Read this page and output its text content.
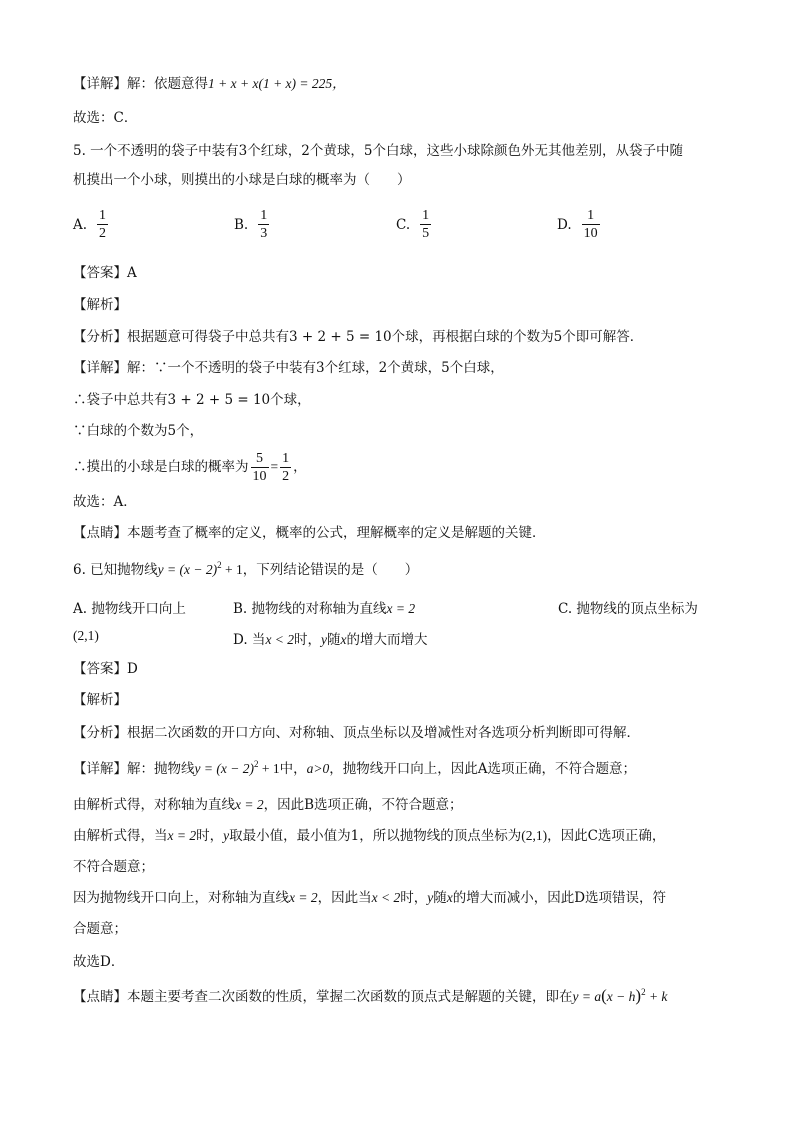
【详解】解：依题意得1 + x + x(1 + x) = 225，
故选：C．
5. 一个不透明的袋子中装有3个红球，2个黄球，5个白球，这些小球除颜色外无其他差别，从袋子中随
机摸出一个小球，则摸出的小球是白球的概率为（　　）
A. $\frac{1}{2}$	B. $\frac{1}{3}$	C. $\frac{1}{5}$	D. $\frac{1}{10}$
【答案】A
【解析】
【分析】根据题意可得袋子中总共有3 + 2 + 5 = 10个球，再根据白球的个数为5个即可解答．
【详解】解：∵一个不透明的袋子中装有3个红球，2个黄球，5个白球，
∴袋子中总共有3 + 2 + 5 = 10个球，
∵白球的个数为5个，
∴摸出的小球是白球的概率为 $\frac{5}{10} = \frac{1}{2}$ ，
故选：A．
【点睛】本题考查了概率的定义，概率的公式，理解概率的定义是解题的关键．
6. 已知抛物线$y = (x - 2)^2 + 1$，下列结论错误的是（　　）
A. 抛物线开口向上	B. 抛物线的对称轴为直线x = 2	C. 抛物线的顶点坐标为
(2,1)	D. 当x < 2时，y随x的增大而增大
【答案】D
【解析】
【分析】根据二次函数的开口方向、对称轴、顶点坐标以及增减性对各选项分析判断即可得解．
【详解】解：抛物线$y = (x - 2)^2 + 1$中，a>0，抛物线开口向上，因此A选项正确，不符合题意；
由解析式得，对称轴为直线x = 2，因此B选项正确，不符合题意；
由解析式得，当x = 2时，y取最小值，最小值为1，所以抛物线的顶点坐标为(2,1)，因此C选项正确，
不符合题意；
因为抛物线开口向上，对称轴为直线x = 2，因此当x < 2时，y随x的增大而减小，因此D选项错误，符
合题意；
故选D．
【点睛】本题主要考查二次函数的性质，掌握二次函数的顶点式是解题的关键，即在$y = a(x - h)^2 + k$
